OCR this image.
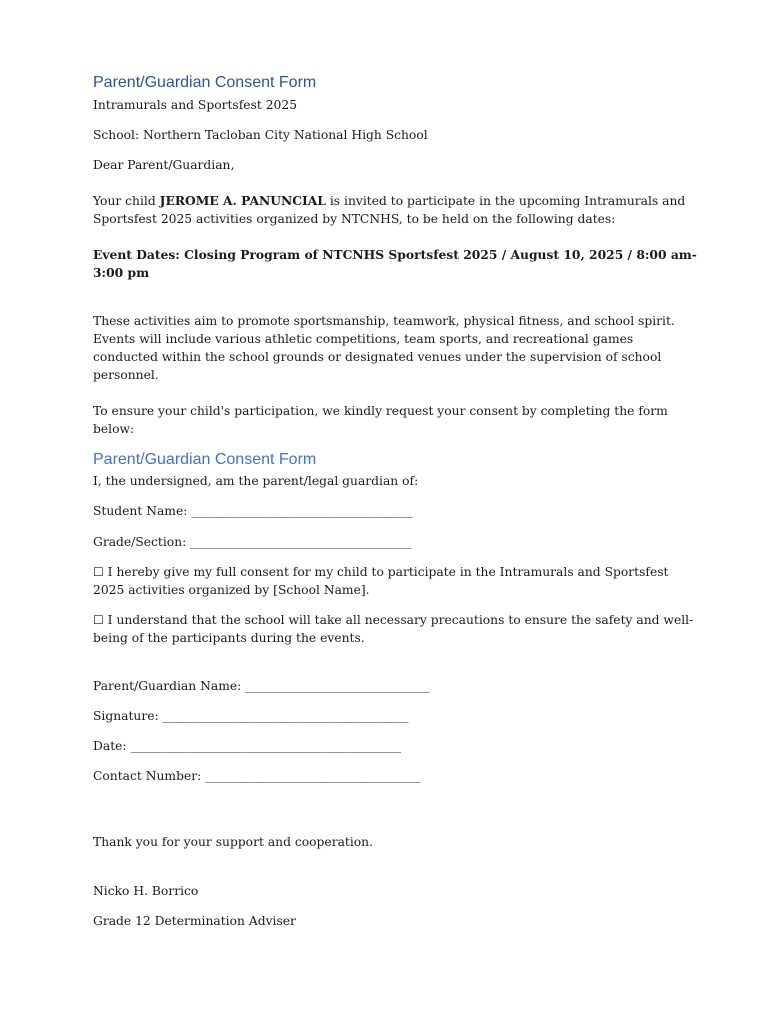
Parent/Guardian Consent Form
Intramurals and Sportsfest 2025
School: Northern Tacloban City National High School
Dear Parent/Guardian,
Your child JEROME A. PANUNCIAL is invited to participate in the upcoming Intramurals and
Sportsfest 2025 activities organized by NTCNHS, to be held on the following dates:
Event Dates: Closing Program of NTCNHS Sportsfest 2025 / August 10, 2025 / 8:00 am-
3:00 pm
These activities aim to promote sportsmanship, teamwork, physical fitness, and school spirit.
Events will include various athletic competitions, team sports, and recreational games
conducted within the school grounds or designated venues under the supervision of school
personnel.
To ensure your child's participation, we kindly request your consent by completing the form
below:
Parent/Guardian Consent Form
I, the undersigned, am the parent/legal guardian of:
Student Name: ____________________________________
Grade/Section: ____________________________________
☐ I hereby give my full consent for my child to participate in the Intramurals and Sportsfest
2025 activities organized by [School Name].
☐ I understand that the school will take all necessary precautions to ensure the safety and well-
being of the participants during the events.
Parent/Guardian Name: ______________________________
Signature: ________________________________________
Date: ____________________________________________
Contact Number: ___________________________________
Thank you for your support and cooperation.
Nicko H. Borrico
Grade 12 Determination Adviser
